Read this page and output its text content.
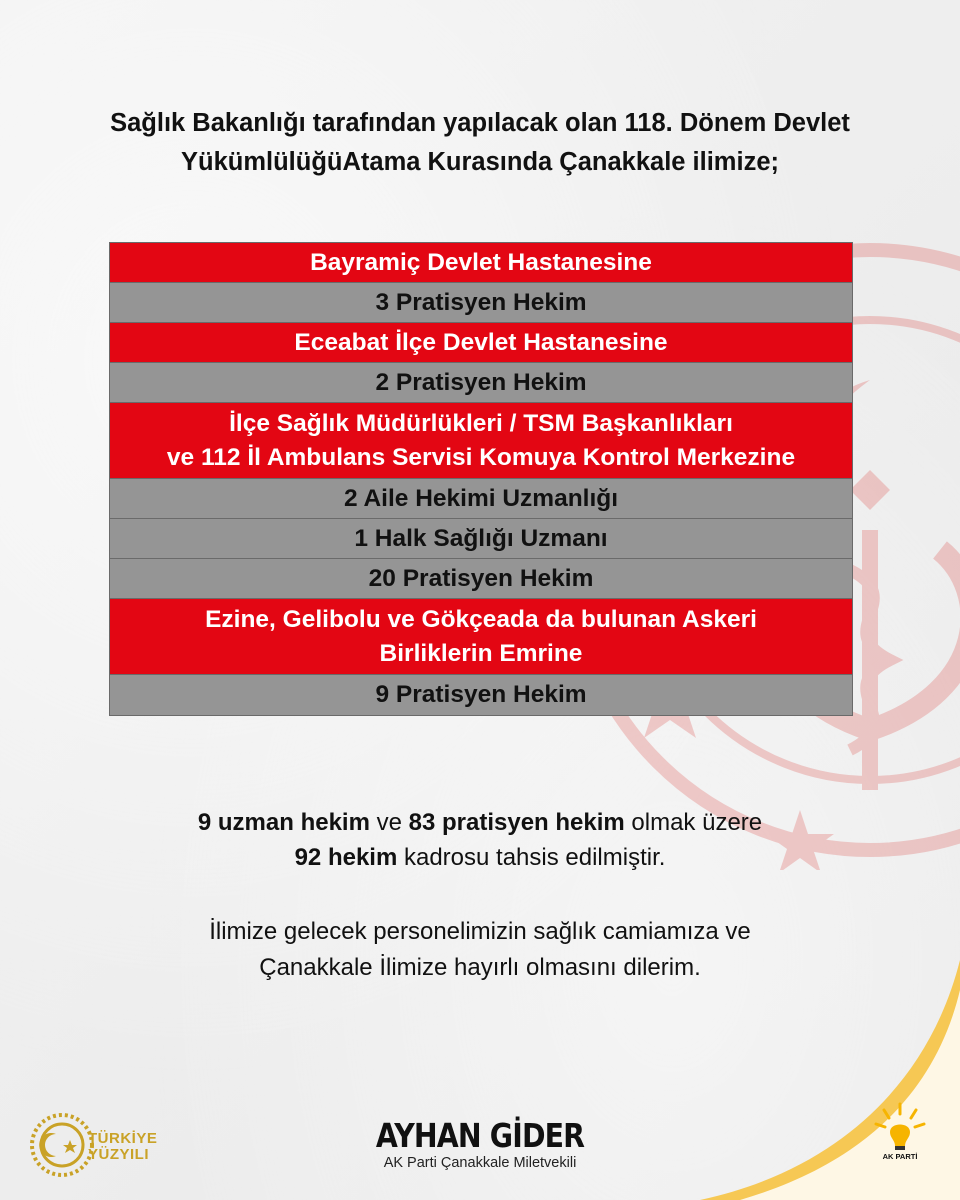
Sağlık Bakanlığı tarafından yapılacak olan 118. Dönem Devlet
YükümlülüğüAtama Kurasında Çanakkale ilimize;
Bayramiç Devlet Hastanesine
3 Pratisyen Hekim
Eceabat İlçe Devlet Hastanesine
2 Pratisyen Hekim
İlçe Sağlık Müdürlükleri / TSM Başkanlıkları
ve 112 İl Ambulans Servisi Komuya Kontrol Merkezine
2 Aile Hekimi Uzmanlığı
1 Halk Sağlığı Uzmanı
20 Pratisyen Hekim
Ezine, Gelibolu ve Gökçeada da bulunan Askeri
Birliklerin Emrine
9 Pratisyen Hekim
9 uzman hekim ve 83 pratisyen hekim olmak üzere
92 hekim kadrosu tahsis edilmiştir.
İlimize gelecek personelimizin sağlık camiamıza ve
Çanakkale İlimize hayırlı olmasını dilerim.
TÜRKİYE
YÜZYILI	AYHAN GİDER
AK Parti Çanakkale Miletvekili	AK PARTİ
